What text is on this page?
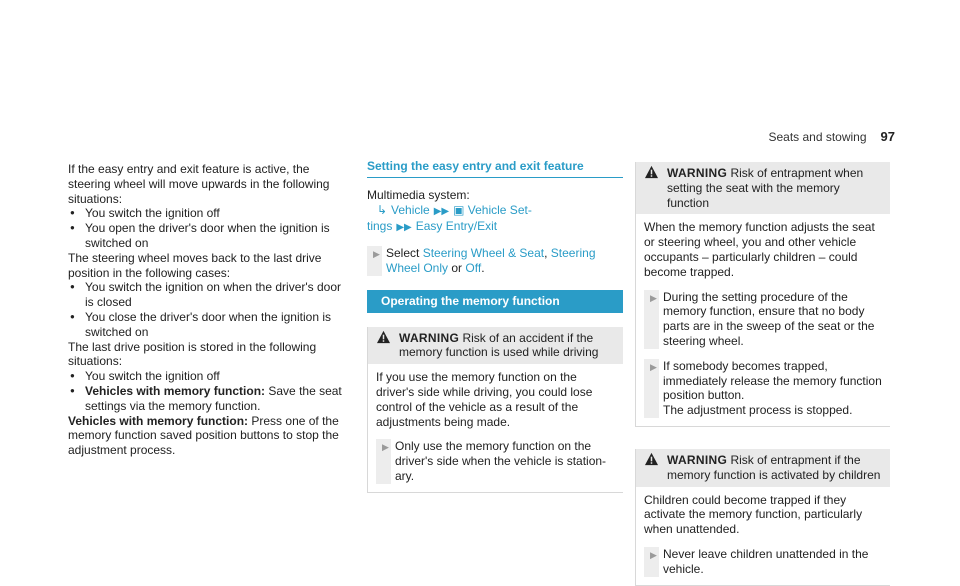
Seats and stowing 97

If the easy entry and exit feature is active, the steering wheel will move upwards in the following situations:

● You switch the ignition off
● You open the driver's door when the ignition is switched on

The steering wheel moves back to the last drive position in the following cases:

● You switch the ignition on when the driver's door is closed
● You close the driver's door when the ignition is switched on

The last drive position is stored in the following situations:

● You switch the ignition off
● Vehicles with memory function: Save the seat settings via the memory function.

Vehicles with memory function: Press one of the memory function saved position buttons to stop the adjustment process.

Setting the easy entry and exit feature

Multimedia system:

↳ Vehicle ▶▶ ▣ Vehicle Set-

tings ▶▶ Easy Entry/Exit

▶ Select Steering Wheel & Seat, Steering Wheel Only or Off.
Operating the memory function
WARNING Risk of an accident if the memory function is used while driving

If you use the memory function on the driver's side while driving, you could lose control of the vehicle as a result of the adjustments being made.

▶ Only use the memory function on the driver's side when the vehicle is station-ary.
WARNING Risk of entrapment when setting the seat with the memory function

When the memory function adjusts the seat or steering wheel, you and other vehicle occupants – particularly children – could become trapped.

▶ During the setting procedure of the memory function, ensure that no body parts are in the sweep of the seat or the steering wheel.
▶ If somebody becomes trapped, immediately release the memory function position button.
The adjustment process is stopped.
WARNING Risk of entrapment if the memory function is activated by children

Children could become trapped if they activate the memory function, particularly when unattended.

▶ Never leave children unattended in the vehicle.
